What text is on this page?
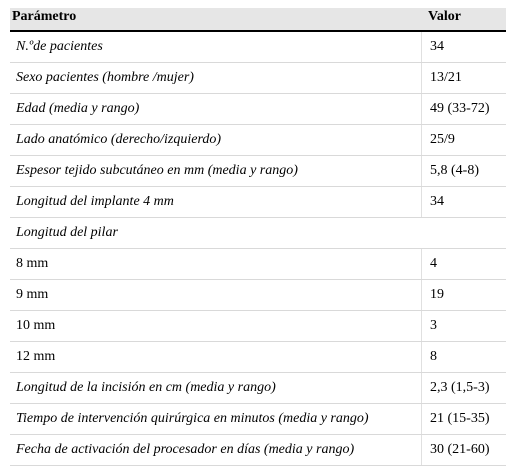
Parámetro	Valor
N.ºde pacientes	34
Sexo pacientes (hombre /mujer)	13/21
Edad (media y rango)	49 (33-72)
Lado anatómico (derecho/izquierdo)	25/9
Espesor tejido subcutáneo en mm (media y rango)	5,8 (4-8)
Longitud del implante 4 mm	34
Longitud del pilar
8 mm	4
9 mm	19
10 mm	3
12 mm	8
Longitud de la incisión en cm (media y rango)	2,3 (1,5-3)
Tiempo de intervención quirúrgica en minutos (media y rango)	21 (15-35)
Fecha de activación del procesador en días (media y rango)	30 (21-60)
